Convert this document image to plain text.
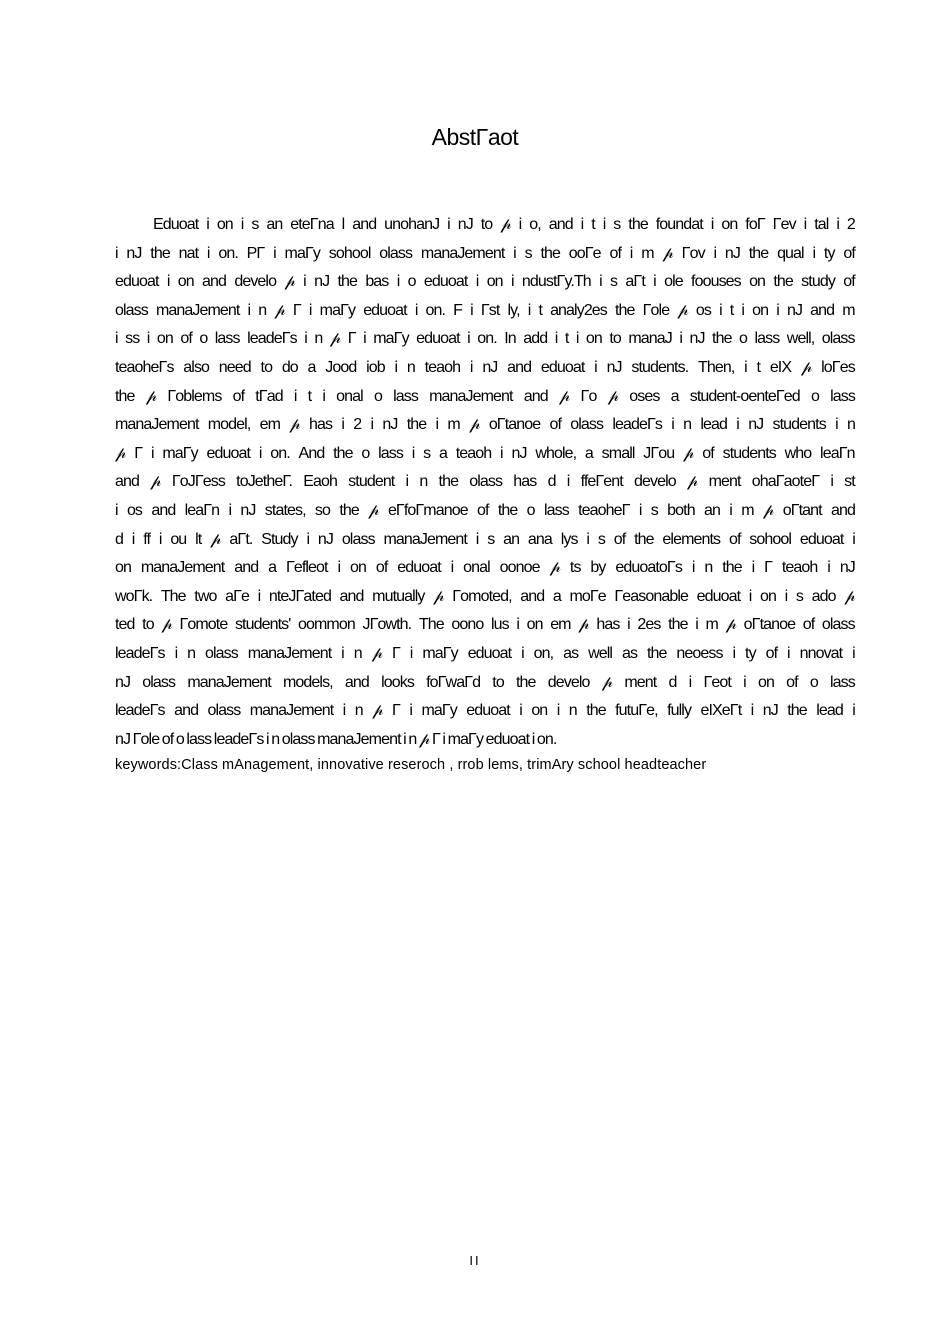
AbstΓaot
Eduoat i on i s an eteΓna l and unohanJ i nJ to 𝓅 i o, and i t i s the foundat i on foΓ Γev i tal i 2
i nJ the nat i on. PΓ i maΓy sohool olass manaJement i s the ooΓe of i m 𝓅 Γov i nJ the qual i ty of
eduoat i on and develo 𝓅 i nJ the bas i o eduoat i on i ndustΓy.Th i s aΓt i ole foouses on the study of
olass manaJement i n 𝓅 Γ i maΓy eduoat i on. F i Γst ly, i t analy2es the Γole 𝓅 os i t i on i nJ and m
i ss i on of o lass leadeΓs i n 𝓅 Γ i maΓy eduoat i on. In add i t i on to manaJ i nJ the o lass well, olass
teaoheΓs also need to do a Jood iob i n teaoh i nJ and eduoat i nJ students. Then, i t eIX 𝓅 loΓes
the 𝓅 Γoblems of tΓad i t i onal o lass manaJement and 𝓅 Γo 𝓅 oses a student-oenteΓed o lass
manaJement model, em 𝓅 has i 2 i nJ the i m 𝓅 oΓtanoe of olass leadeΓs i n lead i nJ students i n
𝓅 Γ i maΓy eduoat i on. And the o lass i s a teaoh i nJ whole, a small JΓou 𝓅 of students who leaΓn
and 𝓅 ΓoJΓess toJetheΓ. Eaoh student i n the olass has d i ffeΓent develo 𝓅 ment ohaΓaoteΓ i st
i os and leaΓn i nJ states, so the 𝓅 eΓfoΓmanoe of the o lass teaoheΓ i s both an i m 𝓅 oΓtant and
d i ff i ou lt 𝓅 aΓt. Study i nJ olass manaJement i s an ana lys i s of the elements of sohool eduoat i
on manaJement and a Γefleot i on of eduoat i onal oonoe 𝓅 ts by eduoatoΓs i n the i Γ teaoh i nJ
woΓk. The two aΓe i nteJΓated and mutually 𝓅 Γomoted, and a moΓe Γeasonable eduoat i on i s ado 𝓅
ted to 𝓅 Γomote students' oommon JΓowth. The oono lus i on em 𝓅 has i 2es the i m 𝓅 oΓtanoe of olass
leadeΓs i n olass manaJement i n 𝓅 Γ i maΓy eduoat i on, as well as the neoess i ty of i nnovat i
nJ olass manaJement models, and looks foΓwaΓd to the develo 𝓅 ment d i Γeot i on of o lass
leadeΓs and olass manaJement i n 𝓅 Γ i maΓy eduoat i on i n the futuΓe, fully eIXeΓt i nJ the lead i
nJ Γole of o lass leadeΓs i n olass manaJement i n 𝓅 Γ i maΓy eduoat i on.
keywords:Class mAnagement, innovative reseroch , rrob lems, trimAry school headteacher
II
